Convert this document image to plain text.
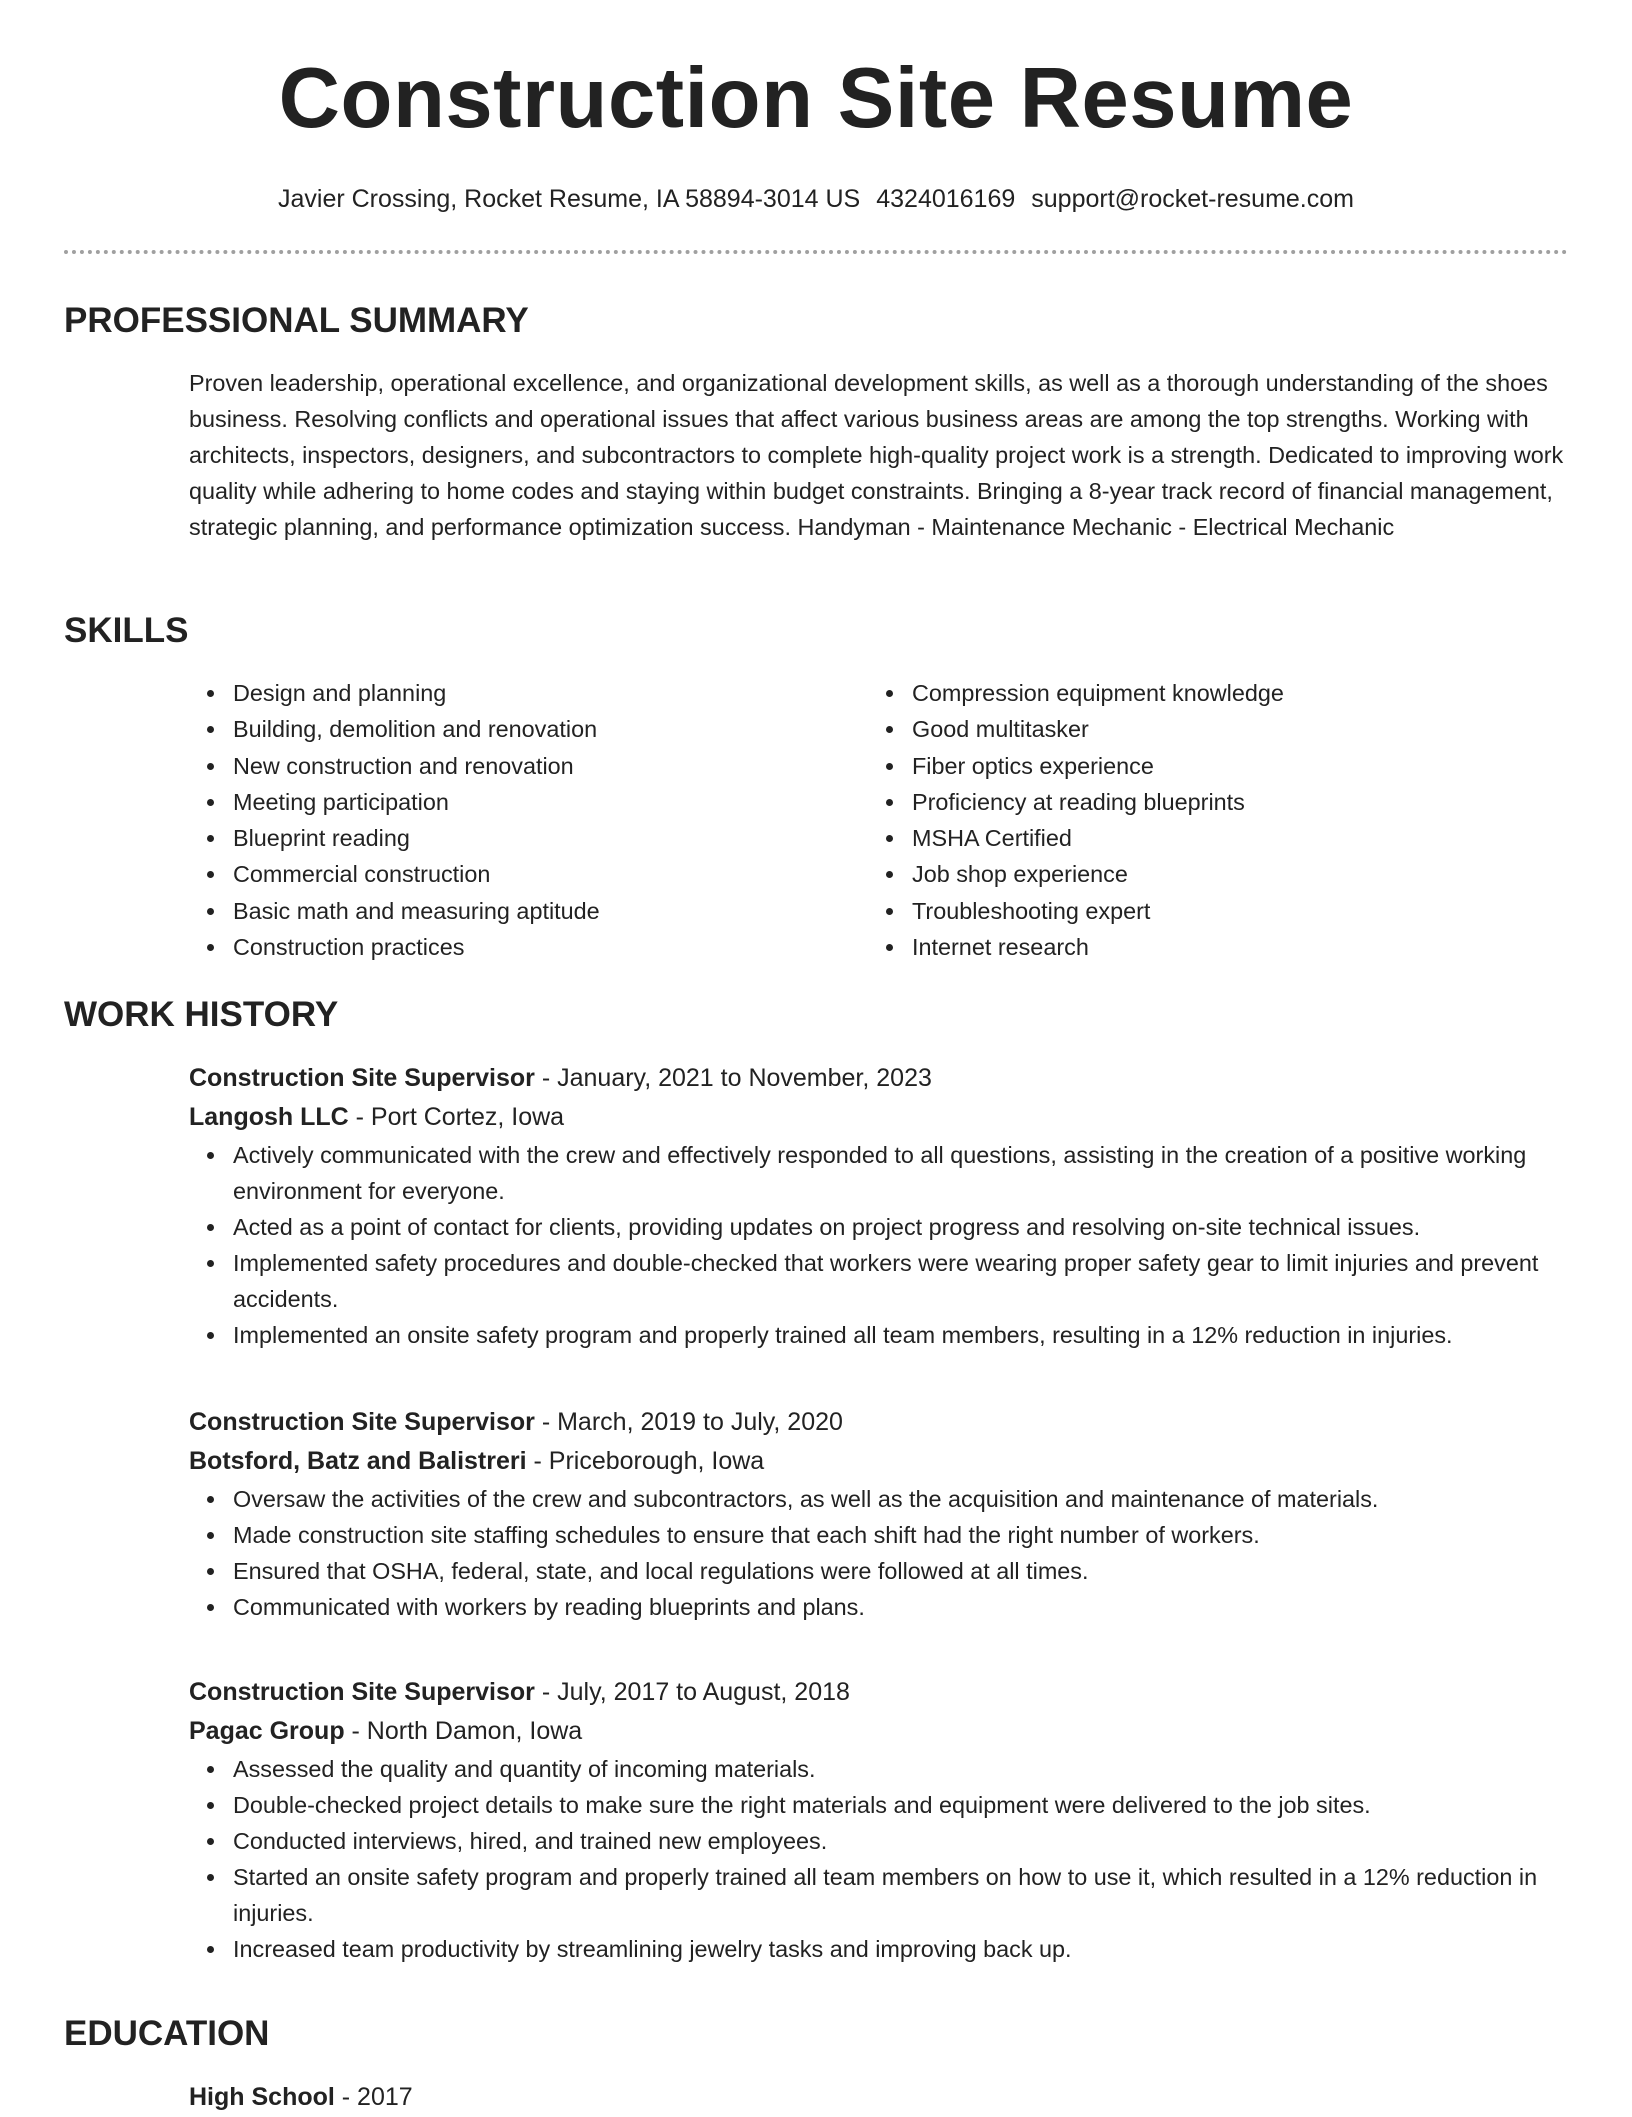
Construction Site Resume
Javier Crossing, Rocket Resume, IA 58894-3014 US 4324016169 support@rocket-resume.com
PROFESSIONAL SUMMARY

Proven leadership, operational excellence, and organizational development skills, as well as a thorough understanding of the shoes business. Resolving conflicts and operational issues that affect various business areas are among the top strengths. Working with architects, inspectors, designers, and subcontractors to complete high-quality project work is a strength. Dedicated to improving work quality while adhering to home codes and staying within budget constraints. Bringing a 8-year track record of financial management, strategic planning, and performance optimization success. Handyman - Maintenance Mechanic - Electrical Mechanic

SKILLS
Design and planning
Building, demolition and renovation
New construction and renovation
Meeting participation
Blueprint reading
Commercial construction
Basic math and measuring aptitude
Construction practices
Compression equipment knowledge
Good multitasker
Fiber optics experience
Proficiency at reading blueprints
MSHA Certified
Job shop experience
Troubleshooting expert
Internet research
WORK HISTORY
Construction Site Supervisor - January, 2021 to November, 2023
Langosh LLC - Port Cortez, Iowa
Actively communicated with the crew and effectively responded to all questions, assisting in the creation of a positive working environment for everyone.
Acted as a point of contact for clients, providing updates on project progress and resolving on-site technical issues.
Implemented safety procedures and double-checked that workers were wearing proper safety gear to limit injuries and prevent accidents.
Implemented an onsite safety program and properly trained all team members, resulting in a 12% reduction in injuries.
Construction Site Supervisor - March, 2019 to July, 2020
Botsford, Batz and Balistreri - Priceborough, Iowa
Oversaw the activities of the crew and subcontractors, as well as the acquisition and maintenance of materials.
Made construction site staffing schedules to ensure that each shift had the right number of workers.
Ensured that OSHA, federal, state, and local regulations were followed at all times.
Communicated with workers by reading blueprints and plans.
Construction Site Supervisor - July, 2017 to August, 2018
Pagac Group - North Damon, Iowa
Assessed the quality and quantity of incoming materials.
Double-checked project details to make sure the right materials and equipment were delivered to the job sites.
Conducted interviews, hired, and trained new employees.
Started an onsite safety program and properly trained all team members on how to use it, which resulted in a 12% reduction in injuries.
Increased team productivity by streamlining jewelry tasks and improving back up.
EDUCATION
High School - 2017
